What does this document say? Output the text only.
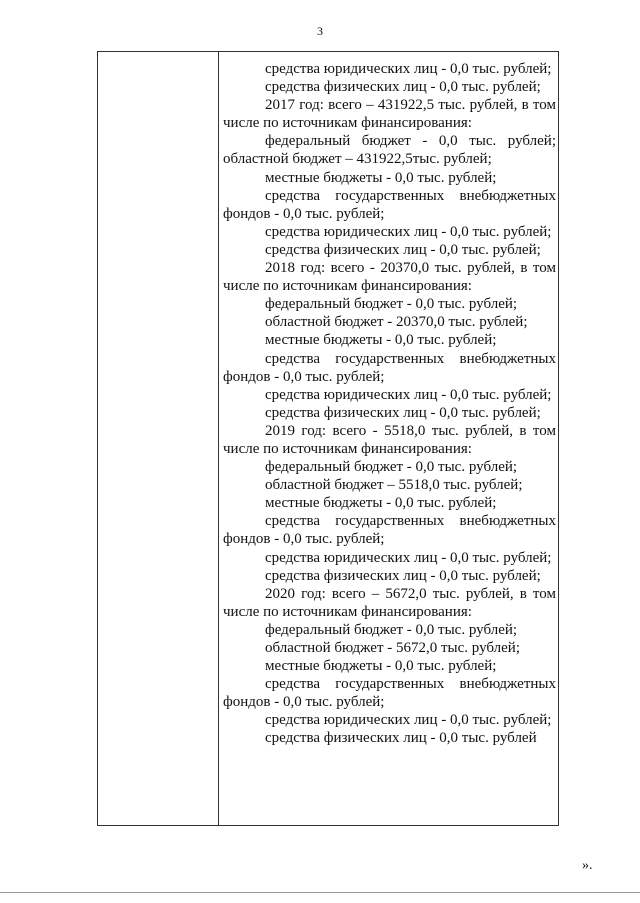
3
средства юридических лиц - 0,0 тыс. рублей;
средства физических лиц - 0,0 тыс. рублей;
2017 год: всего – 431922,5 тыс. рублей, в том
числе по источникам финансирования:
федеральный бюджет - 0,0 тыс. рублей;
областной бюджет – 431922,5тыс. рублей;
местные бюджеты - 0,0 тыс. рублей;
средства государственных внебюджетных
фондов - 0,0 тыс. рублей;
средства юридических лиц - 0,0 тыс. рублей;
средства физических лиц - 0,0 тыс. рублей;
2018 год: всего - 20370,0 тыс. рублей, в том
числе по источникам финансирования:
федеральный бюджет - 0,0 тыс. рублей;
областной бюджет - 20370,0 тыс. рублей;
местные бюджеты - 0,0 тыс. рублей;
средства государственных внебюджетных
фондов - 0,0 тыс. рублей;
средства юридических лиц - 0,0 тыс. рублей;
средства физических лиц - 0,0 тыс. рублей;
2019 год: всего - 5518,0 тыс. рублей, в том
числе по источникам финансирования:
федеральный бюджет - 0,0 тыс. рублей;
областной бюджет – 5518,0 тыс. рублей;
местные бюджеты - 0,0 тыс. рублей;
средства государственных внебюджетных
фондов - 0,0 тыс. рублей;
средства юридических лиц - 0,0 тыс. рублей;
средства физических лиц - 0,0 тыс. рублей;
2020 год: всего – 5672,0 тыс. рублей, в том
числе по источникам финансирования:
федеральный бюджет - 0,0 тыс. рублей;
областной бюджет - 5672,0 тыс. рублей;
местные бюджеты - 0,0 тыс. рублей;
средства государственных внебюджетных
фондов - 0,0 тыс. рублей;
средства юридических лиц - 0,0 тыс. рублей;
средства физических лиц - 0,0 тыс. рублей
».
